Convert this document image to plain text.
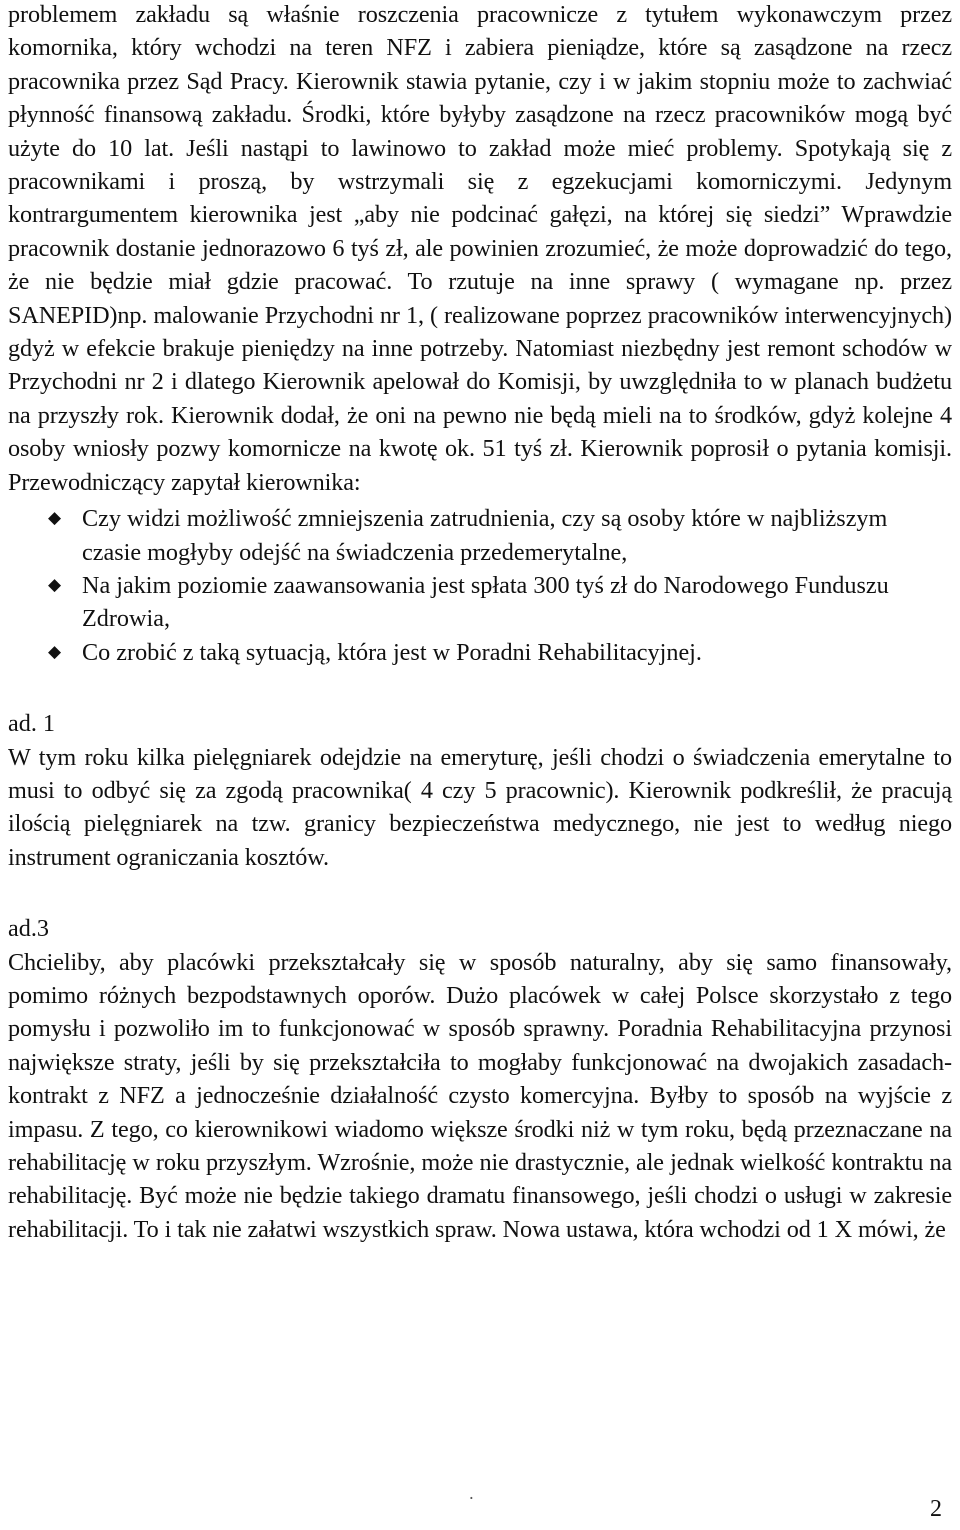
problemem zakładu są właśnie roszczenia pracownicze z tytułem wykonawczym przez komornika, który wchodzi na teren NFZ i zabiera pieniądze, które są zasądzone na rzecz pracownika przez Sąd Pracy. Kierownik stawia pytanie, czy i w jakim stopniu może to zachwiać płynność finansową zakładu. Środki, które byłyby zasądzone na rzecz pracowników mogą być użyte do 10 lat. Jeśli nastąpi to lawinowo to zakład może mieć problemy. Spotykają się z pracownikami i proszą, by wstrzymali się z egzekucjami komorniczymi. Jedynym kontrargumentem kierownika jest „aby nie podcinać gałęzi, na której się siedzi” Wprawdzie pracownik dostanie jednorazowo 6 tyś zł, ale powinien zrozumieć, że może doprowadzić do tego, że nie będzie miał gdzie pracować. To rzutuje na inne sprawy ( wymagane np. przez SANEPID)np. malowanie Przychodni nr 1, ( realizowane poprzez pracowników interwencyjnych) gdyż w efekcie brakuje pieniędzy na inne potrzeby. Natomiast niezbędny jest remont schodów w Przychodni nr 2 i dlatego Kierownik apelował do Komisji, by uwzględniła to w planach budżetu na przyszły rok. Kierownik dodał, że oni na pewno nie będą mieli na to środków, gdyż kolejne 4 osoby wniosły pozwy komornicze na kwotę ok. 51 tyś zł. Kierownik poprosił o pytania komisji. Przewodniczący zapytał kierownika:

◆ Czy widzi możliwość zmniejszenia zatrudnienia, czy są osoby które w najbliższym czasie mogłyby odejść na świadczenia przedemerytalne,
◆ Na jakim poziomie zaawansowania jest spłata 300 tyś zł do Narodowego Funduszu Zdrowia,
◆ Co zrobić z taką sytuacją, która jest w Poradni Rehabilitacyjnej.

ad. 1

W tym roku kilka pielęgniarek odejdzie na emeryturę, jeśli chodzi o świadczenia emerytalne to musi to odbyć się za zgodą pracownika( 4 czy 5 pracownic). Kierownik podkreślił, że pracują ilością pielęgniarek na tzw. granicy bezpieczeństwa medycznego, nie jest to według niego instrument ograniczania kosztów.

ad.3

Chcieliby, aby placówki przekształcały się w sposób naturalny, aby się samo finansowały, pomimo różnych bezpodstawnych oporów. Dużo placówek w całej Polsce skorzystało z tego pomysłu i pozwoliło im to funkcjonować w sposób sprawny. Poradnia Rehabilitacyjna przynosi największe straty, jeśli by się przekształciła to mogłaby funkcjonować na dwojakich zasadach- kontrakt z NFZ a jednocześnie działalność czysto komercyjna. Byłby to sposób na wyjście z impasu. Z tego, co kierownikowi wiadomo większe środki niż w tym roku, będą przeznaczane na rehabilitację w roku przyszłym. Wzrośnie, może nie drastycznie, ale jednak wielkość kontraktu na rehabilitację. Być może nie będzie takiego dramatu finansowego, jeśli chodzi o usługi w zakresie rehabilitacji. To i tak nie załatwi wszystkich spraw. Nowa ustawa, która wchodzi od 1 X mówi, że

˙	2
